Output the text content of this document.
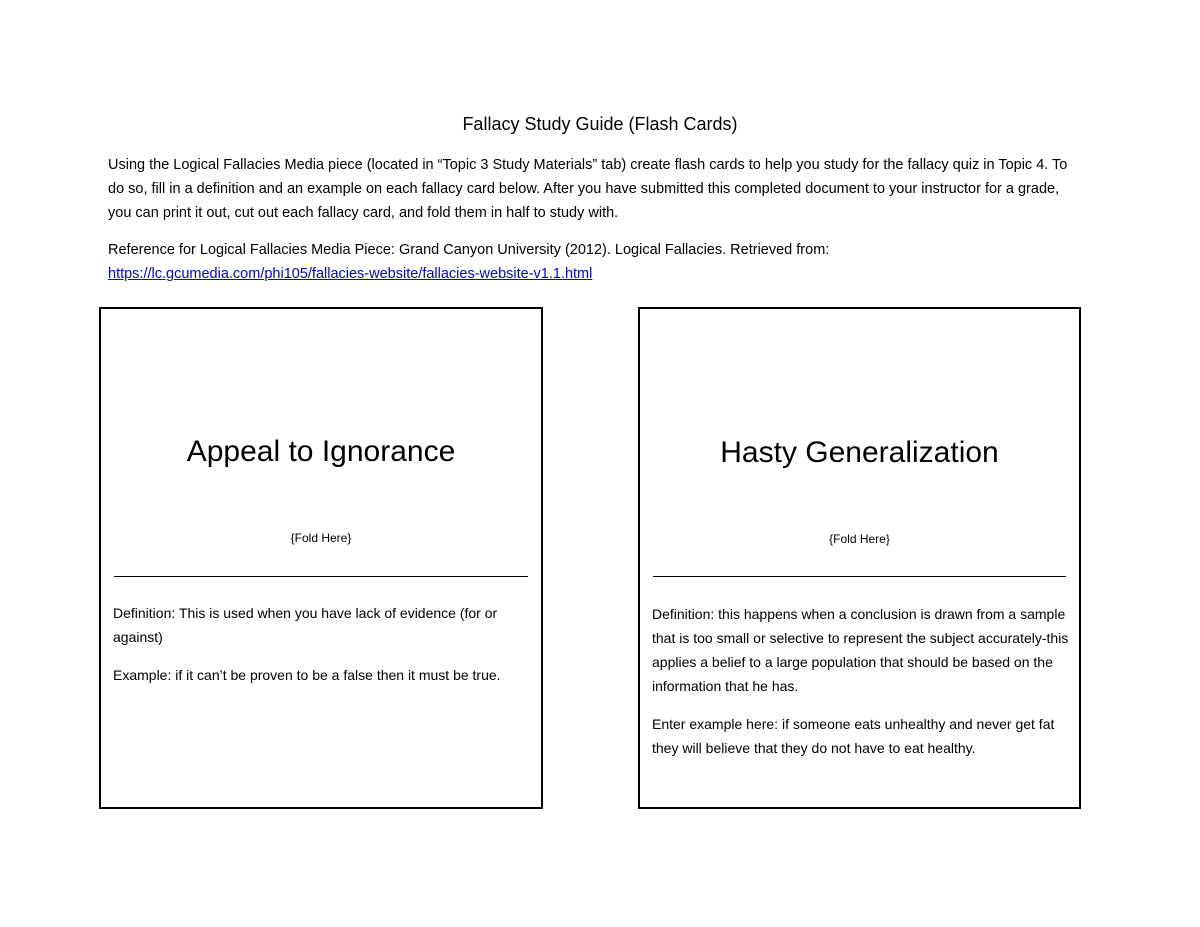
Fallacy Study Guide (Flash Cards)

Using the Logical Fallacies Media piece (located in “Topic 3 Study Materials” tab) create flash cards to help you study for the fallacy quiz in Topic 4. To do so, fill in a definition and an example on each fallacy card below. After you have submitted this completed document to your instructor for a grade, you can print it out, cut out each fallacy card, and fold them in half to study with.

Reference for Logical Fallacies Media Piece: Grand Canyon University (2012). Logical Fallacies. Retrieved from:
https://lc.gcumedia.com/phi105/fallacies-website/fallacies-website-v1.1.html

Appeal to Ignorance
{Fold Here}

Definition: This is used when you have lack of evidence (for or against)

Example: if it can’t be proven to be a false then it must be true.

Hasty Generalization
{Fold Here}

Definition: this happens when a conclusion is drawn from a sample that is too small or selective to represent the subject accurately-this applies a belief to a large population that should be based on the information that he has.

Enter example here: if someone eats unhealthy and never get fat they will believe that they do not have to eat healthy.
